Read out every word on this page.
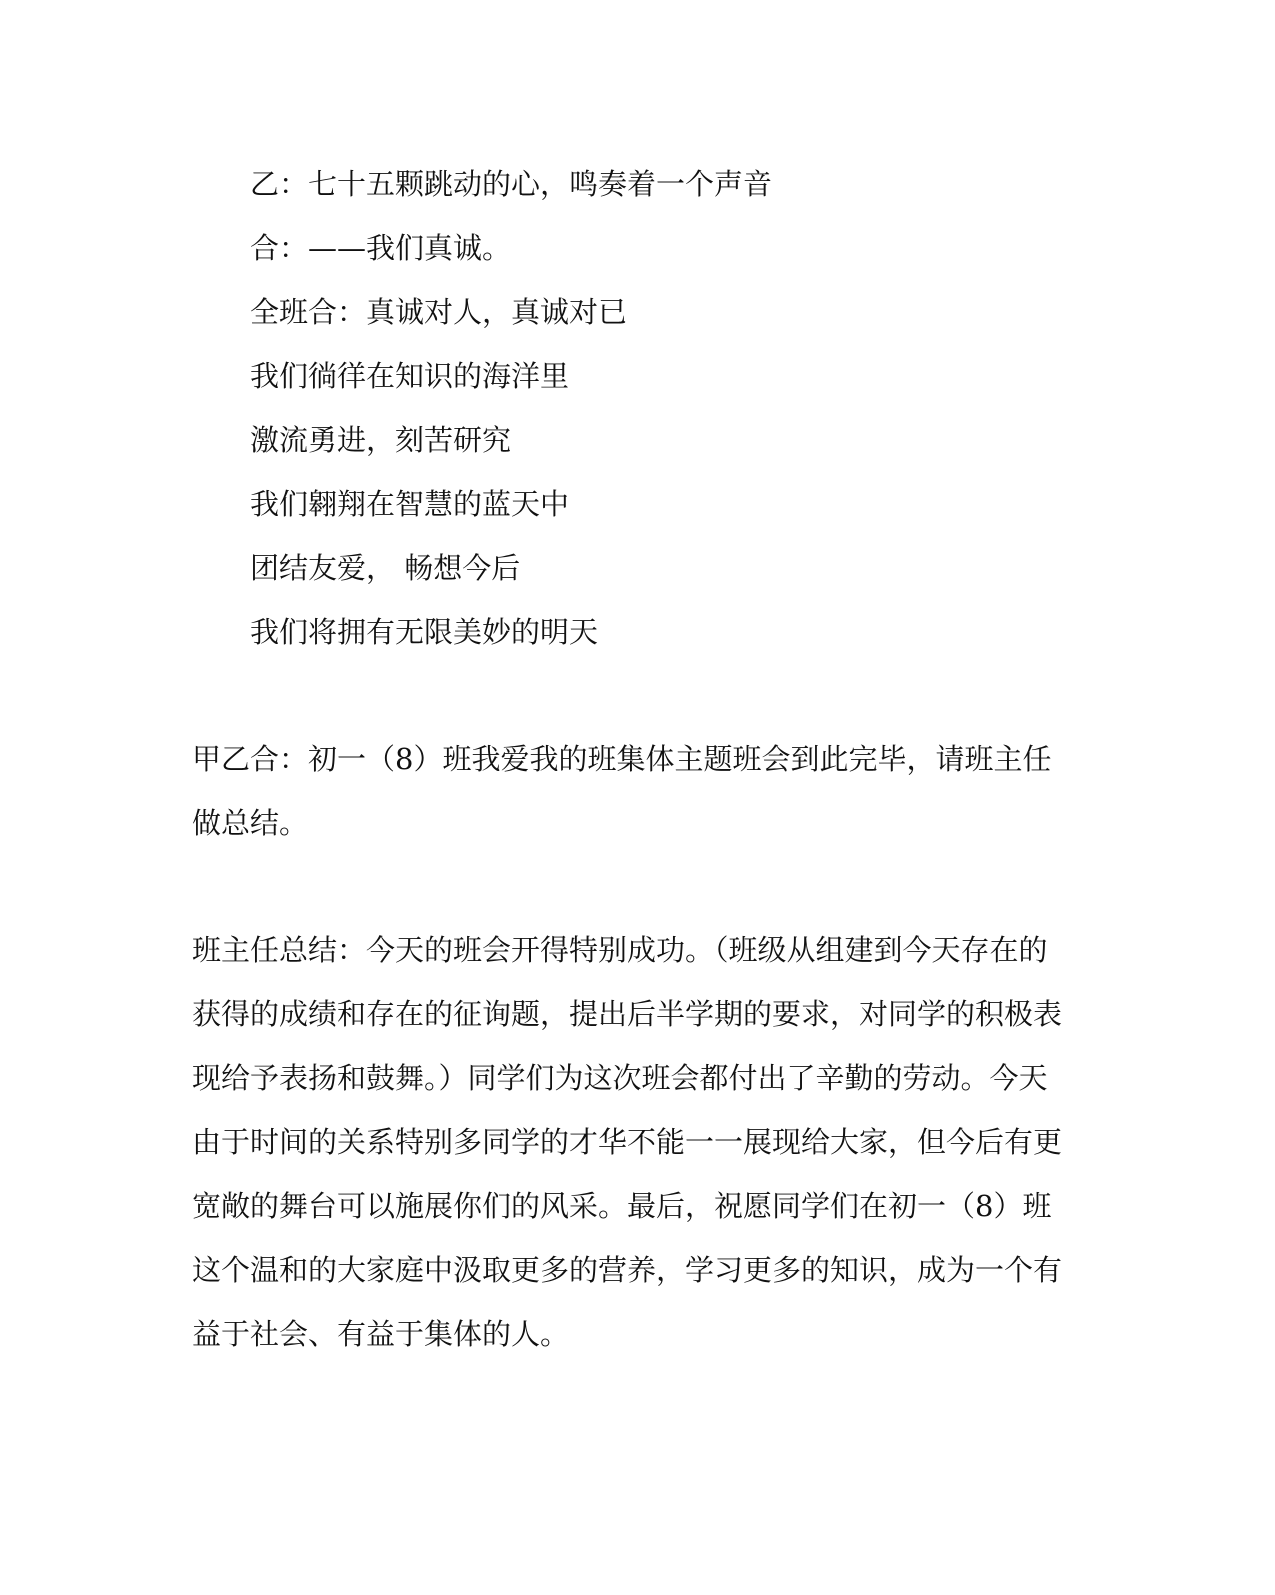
乙：七十五颗跳动的心，鸣奏着一个声音

合：——我们真诚。

全班合：真诚对人，真诚对已

我们徜徉在知识的海洋里

激流勇进，刻苦研究

我们翱翔在智慧的蓝天中

团结友爱， 畅想今后

我们将拥有无限美妙的明天

甲乙合：初一（8）班我爱我的班集体主题班会到此完毕，请班主任

做总结。

班主任总结：今天的班会开得特别成功。（班级从组建到今天存在的

获得的成绩和存在的征询题，提出后半学期的要求，对同学的积极表

现给予表扬和鼓舞。）同学们为这次班会都付出了辛勤的劳动。今天

由于时间的关系特别多同学的才华不能一一展现给大家，但今后有更

宽敞的舞台可以施展你们的风采。最后，祝愿同学们在初一（8）班

这个温和的大家庭中汲取更多的营养，学习更多的知识，成为一个有

益于社会、有益于集体的人。
